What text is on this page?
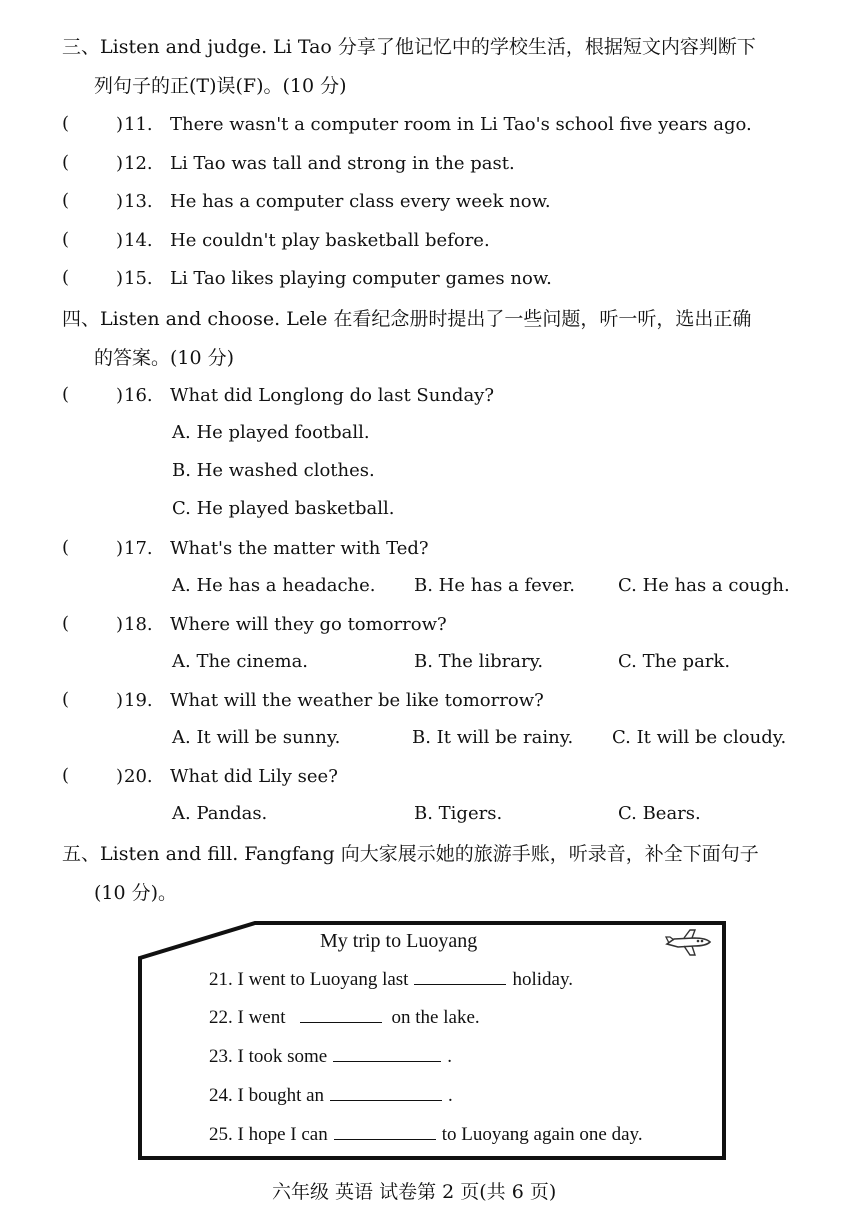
三、Listen and judge. Li Tao 分享了他记忆中的学校生活，根据短文内容判断下
列句子的正(T)误(F)。(10 分)
(	) 11. There wasn't a computer room in Li Tao's school five years ago.
(	) 12. Li Tao was tall and strong in the past.
(	) 13. He has a computer class every week now.
(	) 14. He couldn't play basketball before.
(	) 15. Li Tao likes playing computer games now.
四、Listen and choose. Lele 在看纪念册时提出了一些问题，听一听，选出正确
的答案。(10 分)
(	) 16. What did Longlong do last Sunday?
A. He played football.
B. He washed clothes.
C. He played basketball.
(	) 17. What's the matter with Ted?
A. He has a headache. B. He has a fever. C. He has a cough.
(	) 18. Where will they go tomorrow?
A. The cinema.	B. The library.	C. The park.
(	) 19. What will the weather be like tomorrow?
A. It will be sunny.	B. It will be rainy. C. It will be cloudy.
(	) 20. What did Lily see?
A. Pandas.	B. Tigers.	C. Bears.
五、Listen and fill. Fangfang 向大家展示她的旅游手账，听录音，补全下面句子
(10 分)。
My trip to Luoyang
21. I went to Luoyang last	holiday.
22. I went	on the lake.
23. I took some	.
24. I bought an	.
25. I hope I can	to Luoyang again one day.
六年级 英语 试卷第 2 页(共 6 页)
